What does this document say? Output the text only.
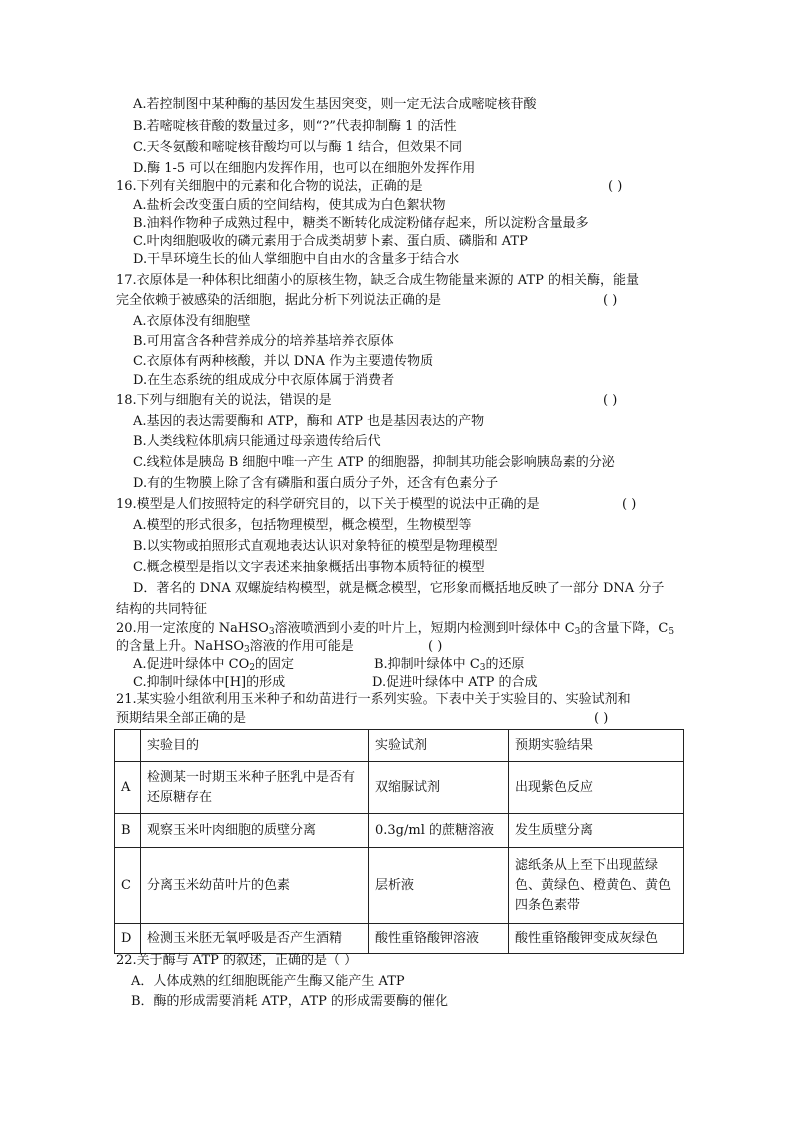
A.若控制图中某种酶的基因发生基因突变，则一定无法合成嘧啶核苷酸
B.若嘧啶核苷酸的数量过多，则“?”代表抑制酶 1 的活性
C.天冬氨酸和嘧啶核苷酸均可以与酶 1 结合，但效果不同
D.酶 1-5 可以在细胞内发挥作用，也可以在细胞外发挥作用
16.下列有关细胞中的元素和化合物的说法，正确的是	( )
A.盐析会改变蛋白质的空间结构，使其成为白色絮状物
B.油料作物种子成熟过程中，糖类不断转化成淀粉储存起来，所以淀粉含量最多
C.叶肉细胞吸收的磷元素用于合成类胡萝卜素、蛋白质、磷脂和 ATP
D.干旱环境生长的仙人掌细胞中自由水的含量多于结合水
17.衣原体是一种体积比细菌小的原核生物，缺乏合成生物能量来源的 ATP 的相关酶，能量
完全依赖于被感染的活细胞，据此分析下列说法正确的是	( )
A.衣原体没有细胞壁
B.可用富含各种营养成分的培养基培养衣原体
C.衣原体有两种核酸，并以 DNA 作为主要遗传物质
D.在生态系统的组成成分中衣原体属于消费者
18.下列与细胞有关的说法，错误的是	( )
A.基因的表达需要酶和 ATP，酶和 ATP 也是基因表达的产物
B.人类线粒体肌病只能通过母亲遗传给后代
C.线粒体是胰岛 B 细胞中唯一产生 ATP 的细胞器，抑制其功能会影响胰岛素的分泌
D.有的生物膜上除了含有磷脂和蛋白质分子外，还含有色素分子
19.模型是人们按照特定的科学研究目的，以下关于模型的说法中正确的是	( )
A.模型的形式很多，包括物理模型，概念模型，生物模型等
B.以实物或拍照形式直观地表达认识对象特征的模型是物理模型
C.概念模型是指以文字表述来抽象概括出事物本质特征的模型
D．著名的 DNA 双螺旋结构模型，就是概念模型，它形象而概括地反映了一部分 DNA 分子
结构的共同特征
20.用一定浓度的 NaHSO$_3$溶液喷洒到小麦的叶片上，短期内检测到叶绿体中 $C_3$的含量下降，$C_5$
的含量上升。NaHSO$_3$溶液的作用可能是	( )
A.促进叶绿体中 $CO_2$的固定	B.抑制叶绿体中 $C_3$的还原
C.抑制叶绿体中[H]的形成	D.促进叶绿体中 ATP 的合成
21.某实验小组欲利用玉米种子和幼苗进行一系列实验。下表中关于实验目的、实验试剂和
预期结果全部正确的是	( )
	实验目的	实验试剂	预期实验结果
A	检测某一时期玉米种子胚乳中是否有还原糖存在	双缩脲试剂	出现紫色反应
B	观察玉米叶肉细胞的质壁分离	0.3g/ml 的蔗糖溶液	发生质壁分离
C	分离玉米幼苗叶片的色素	层析液	滤纸条从上至下出现蓝绿色、黄绿色、橙黄色、黄色四条色素带
D	检测玉米胚无氧呼吸是否产生酒精	酸性重铬酸钾溶液	酸性重铬酸钾变成灰绿色
22.关于酶与 ATP 的叙述，正确的是（ ）
A．人体成熟的红细胞既能产生酶又能产生 ATP
B．酶的形成需要消耗 ATP，ATP 的形成需要酶的催化
